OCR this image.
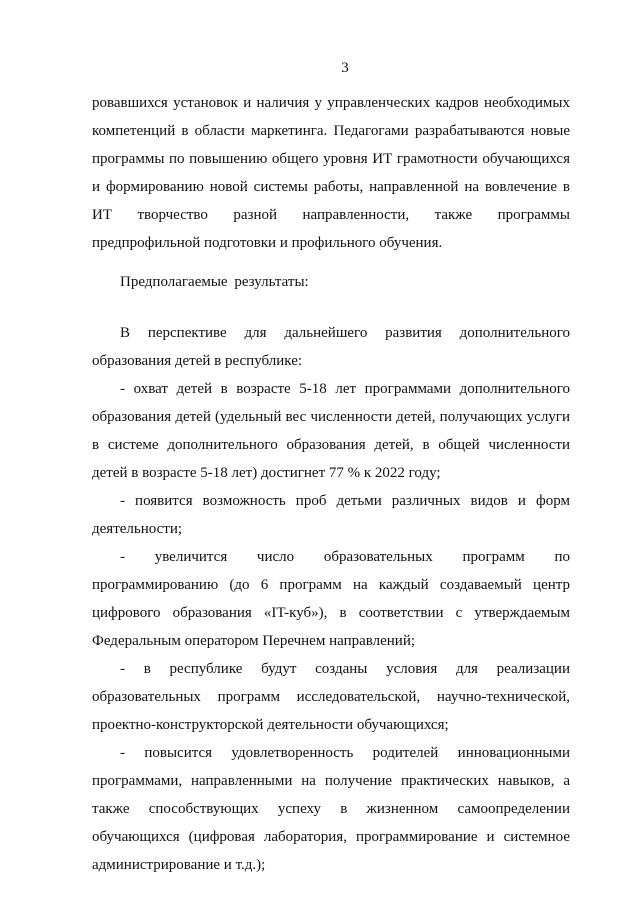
3

ровавшихся установок и наличия у управленческих кадров необходимых компетенций в области маркетинга. Педагогами разрабатываются новые программы по повышению общего уровня ИТ грамотности обучающихся и формированию новой системы работы, направленной на вовлечение в ИТ творчество разной направленности, также программы предпрофильной подготовки и профильного обучения.

Предполагаемые результаты:

В перспективе для дальнейшего развития дополнительного образования детей в республике:

- охват детей в возрасте 5-18 лет программами дополнительного образования детей (удельный вес численности детей, получающих услуги в системе дополнительного образования детей, в общей численности детей в возрасте 5-18 лет) достигнет 77 % к 2022 году;

- появится возможность проб детьми различных видов и форм деятельности;

- увеличится число образовательных программ по программированию (до 6 программ на каждый создаваемый центр цифрового образования «IT-куб»), в соответствии с утверждаемым Федеральным оператором Перечнем направлений;

- в республике будут созданы условия для реализации образовательных программ исследовательской, научно-технической, проектно-конструкторской деятельности обучающихся;

- повысится удовлетворенность родителей инновационными программами, направленными на получение практических навыков, а также способствующих успеху в жизненном самоопределении обучающихся (цифровая лаборатория, программирование и системное администрирование и т.д.);
